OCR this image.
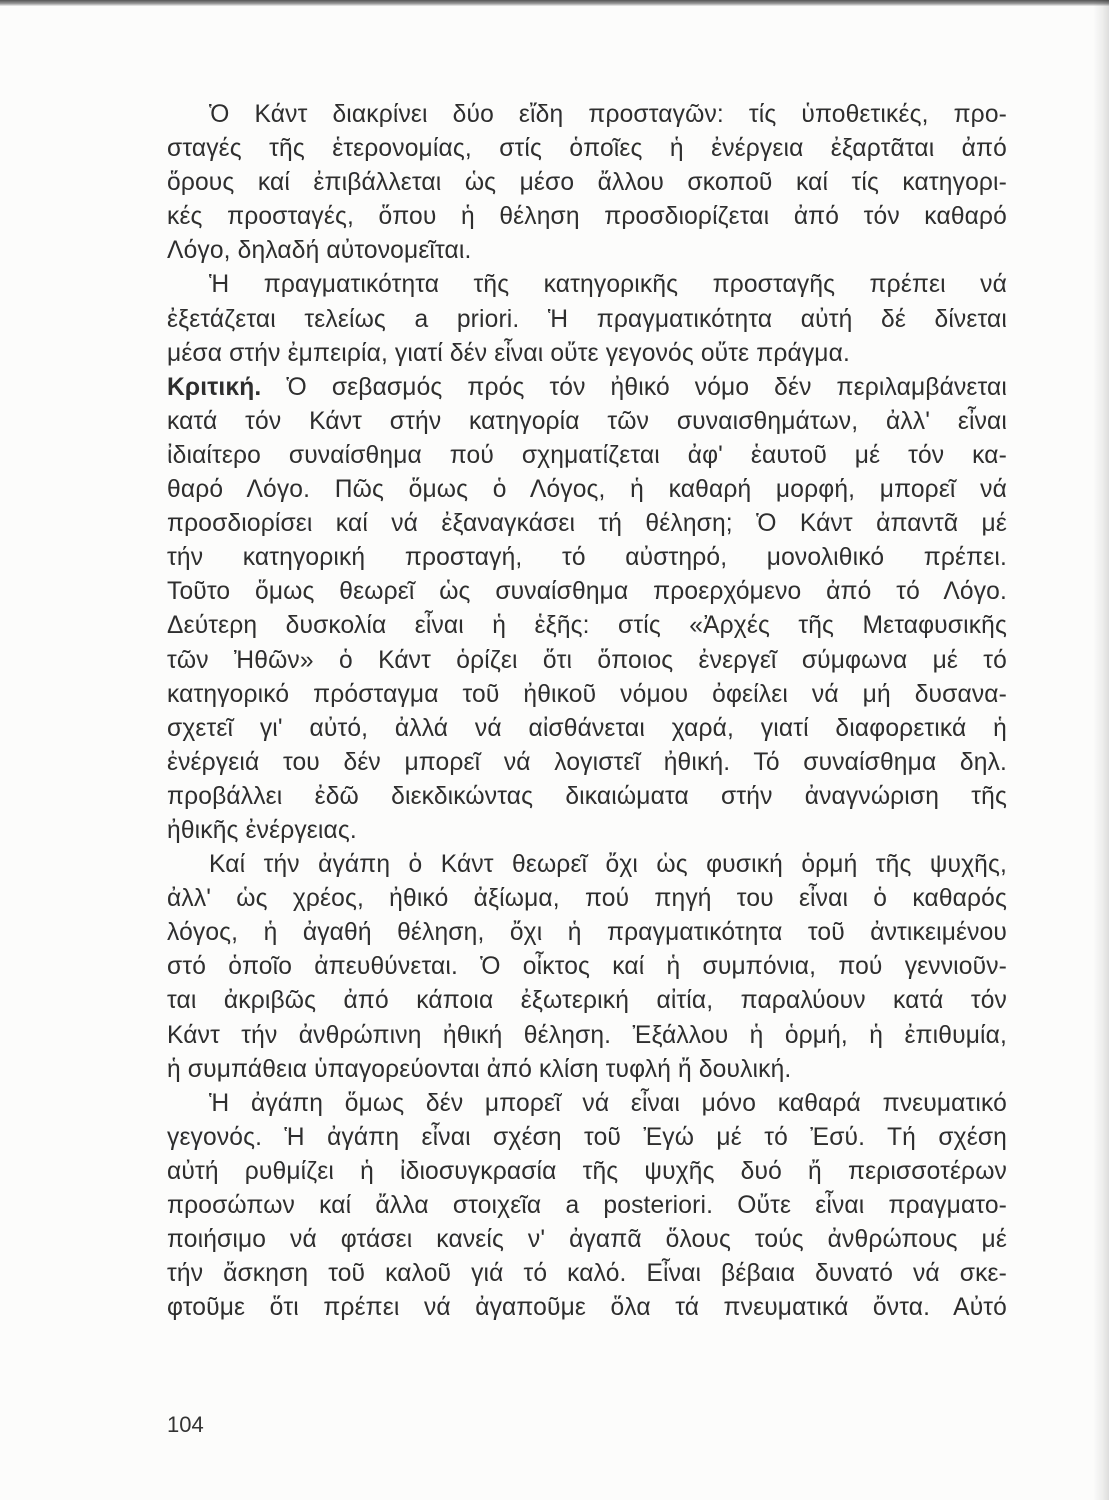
Ὁ Κάντ διακρίνει δύο εἴδη προσταγῶν: τίς ὑποθετικές, προ-
σταγές τῆς ἑτερονομίας, στίς ὁποῖες ἡ ἐνέργεια ἐξαρτᾶται ἀπό
ὅρους καί ἐπιβάλλεται ὡς μέσο ἄλλου σκοποῦ καί τίς κατηγορι-
κές προσταγές, ὅπου ἡ θέληση προσδιορίζεται ἀπό τόν καθαρό
Λόγο, δηλαδή αὐτονομεῖται.
Ἡ πραγματικότητα τῆς κατηγορικῆς προσταγῆς πρέπει νά
ἐξετάζεται τελείως a priori. Ἡ πραγματικότητα αὐτή δέ δίνεται
μέσα στήν ἐμπειρία, γιατί δέν εἶναι οὔτε γεγονός οὔτε πράγμα.
Κριτική. Ὁ σεβασμός πρός τόν ἠθικό νόμο δέν περιλαμβάνεται
κατά τόν Κάντ στήν κατηγορία τῶν συναισθημάτων, ἀλλ' εἶναι
ἰδιαίτερο συναίσθημα πού σχηματίζεται ἀφ' ἑαυτοῦ μέ τόν κα-
θαρό Λόγο. Πῶς ὅμως ὁ Λόγος, ἡ καθαρή μορφή, μπορεῖ νά
προσδιορίσει καί νά ἐξαναγκάσει τή θέληση; Ὁ Κάντ ἀπαντᾶ μέ
τήν κατηγορική προσταγή, τό αὐστηρό, μονολιθικό πρέπει.
Τοῦτο ὅμως θεωρεῖ ὡς συναίσθημα προερχόμενο ἀπό τό Λόγο.
Δεύτερη δυσκολία εἶναι ἡ ἑξῆς: στίς «Ἀρχές τῆς Μεταφυσικῆς
τῶν Ἠθῶν» ὁ Κάντ ὁρίζει ὅτι ὅποιος ἐνεργεῖ σύμφωνα μέ τό
κατηγορικό πρόσταγμα τοῦ ἠθικοῦ νόμου ὀφείλει νά μή δυσανα-
σχετεῖ γι' αὐτό, ἀλλά νά αἰσθάνεται χαρά, γιατί διαφορετικά ἡ
ἐνέργειά του δέν μπορεῖ νά λογιστεῖ ἠθική. Τό συναίσθημα δηλ.
προβάλλει ἐδῶ διεκδικώντας δικαιώματα στήν ἀναγνώριση τῆς
ἠθικῆς ἐνέργειας.
Καί τήν ἀγάπη ὁ Κάντ θεωρεῖ ὄχι ὡς φυσική ὁρμή τῆς ψυχῆς,
ἀλλ' ὡς χρέος, ἠθικό ἀξίωμα, πού πηγή του εἶναι ὁ καθαρός
λόγος, ἡ ἀγαθή θέληση, ὄχι ἡ πραγματικότητα τοῦ ἀντικειμένου
στό ὁποῖο ἀπευθύνεται. Ὁ οἶκτος καί ἡ συμπόνια, πού γεννιοῦν-
ται ἀκριβῶς ἀπό κάποια ἐξωτερική αἰτία, παραλύουν κατά τόν
Κάντ τήν ἀνθρώπινη ἠθική θέληση. Ἐξάλλου ἡ ὁρμή, ἡ ἐπιθυμία,
ἡ συμπάθεια ὑπαγορεύονται ἀπό κλίση τυφλή ἤ δουλική.
Ἡ ἀγάπη ὅμως δέν μπορεῖ νά εἶναι μόνο καθαρά πνευματικό
γεγονός. Ἡ ἀγάπη εἶναι σχέση τοῦ Ἐγώ μέ τό Ἐσύ. Τή σχέση
αὐτή ρυθμίζει ἡ ἰδιοσυγκρασία τῆς ψυχῆς δυό ἤ περισσοτέρων
προσώπων καί ἄλλα στοιχεῖα a posteriori. Οὔτε εἶναι πραγματο-
ποιήσιμο νά φτάσει κανείς ν' ἀγαπᾶ ὅλους τούς ἀνθρώπους μέ
τήν ἄσκηση τοῦ καλοῦ γιά τό καλό. Εἶναι βέβαια δυνατό νά σκε-
φτοῦμε ὅτι πρέπει νά ἀγαποῦμε ὅλα τά πνευματικά ὄντα. Αὐτό
104
